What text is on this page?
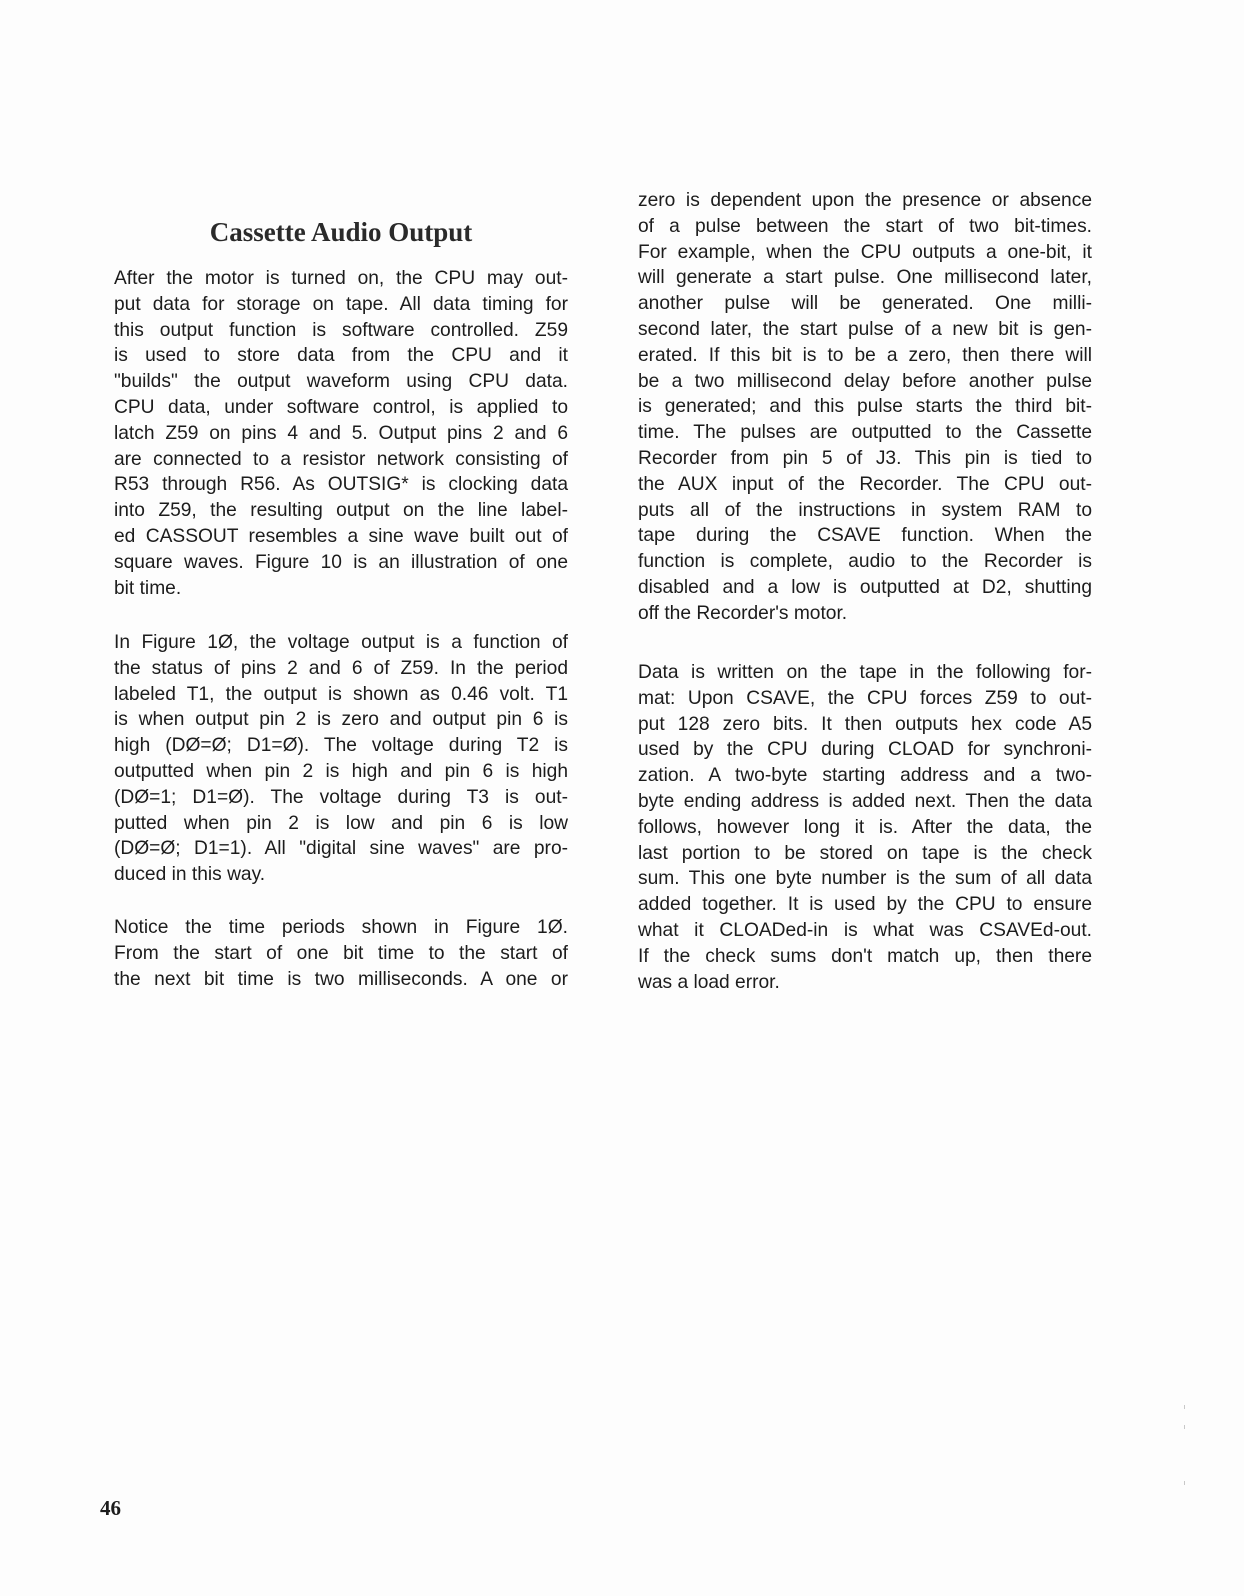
Cassette Audio Output

After the motor is turned on, the CPU may out-
put data for storage on tape. All data timing for
this output function is software controlled. Z59
is used to store data from the CPU and it
"builds" the output waveform using CPU data.
CPU data, under software control, is applied to
latch Z59 on pins 4 and 5. Output pins 2 and 6
are connected to a resistor network consisting of
R53 through R56. As OUTSIG* is clocking data
into Z59, the resulting output on the line label-
ed CASSOUT resembles a sine wave built out of
square waves. Figure 10 is an illustration of one
bit time.

In Figure 1Ø, the voltage output is a function of
the status of pins 2 and 6 of Z59. In the period
labeled T1, the output is shown as 0.46 volt. T1
is when output pin 2 is zero and output pin 6 is
high (DØ=Ø; D1=Ø). The voltage during T2 is
outputted when pin 2 is high and pin 6 is high
(DØ=1; D1=Ø). The voltage during T3 is out-
putted when pin 2 is low and pin 6 is low
(DØ=Ø; D1=1). All "digital sine waves" are pro-
duced in this way.

Notice the time periods shown in Figure 1Ø.
From the start of one bit time to the start of
the next bit time is two milliseconds. A one or

zero is dependent upon the presence or absence
of a pulse between the start of two bit-times.
For example, when the CPU outputs a one-bit, it
will generate a start pulse. One millisecond later,
another pulse will be generated. One milli-
second later, the start pulse of a new bit is gen-
erated. If this bit is to be a zero, then there will
be a two millisecond delay before another pulse
is generated; and this pulse starts the third bit-
time. The pulses are outputted to the Cassette
Recorder from pin 5 of J3. This pin is tied to
the AUX input of the Recorder. The CPU out-
puts all of the instructions in system RAM to
tape during the CSAVE function. When the
function is complete, audio to the Recorder is
disabled and a low is outputted at D2, shutting
off the Recorder's motor.

Data is written on the tape in the following for-
mat: Upon CSAVE, the CPU forces Z59 to out-
put 128 zero bits. It then outputs hex code A5
used by the CPU during CLOAD for synchroni-
zation. A two-byte starting address and a two-
byte ending address is added next. Then the data
follows, however long it is. After the data, the
last portion to be stored on tape is the check
sum. This one byte number is the sum of all data
added together. It is used by the CPU to ensure
what it CLOADed-in is what was CSAVEd-out.
If the check sums don't match up, then there
was a load error.

46
